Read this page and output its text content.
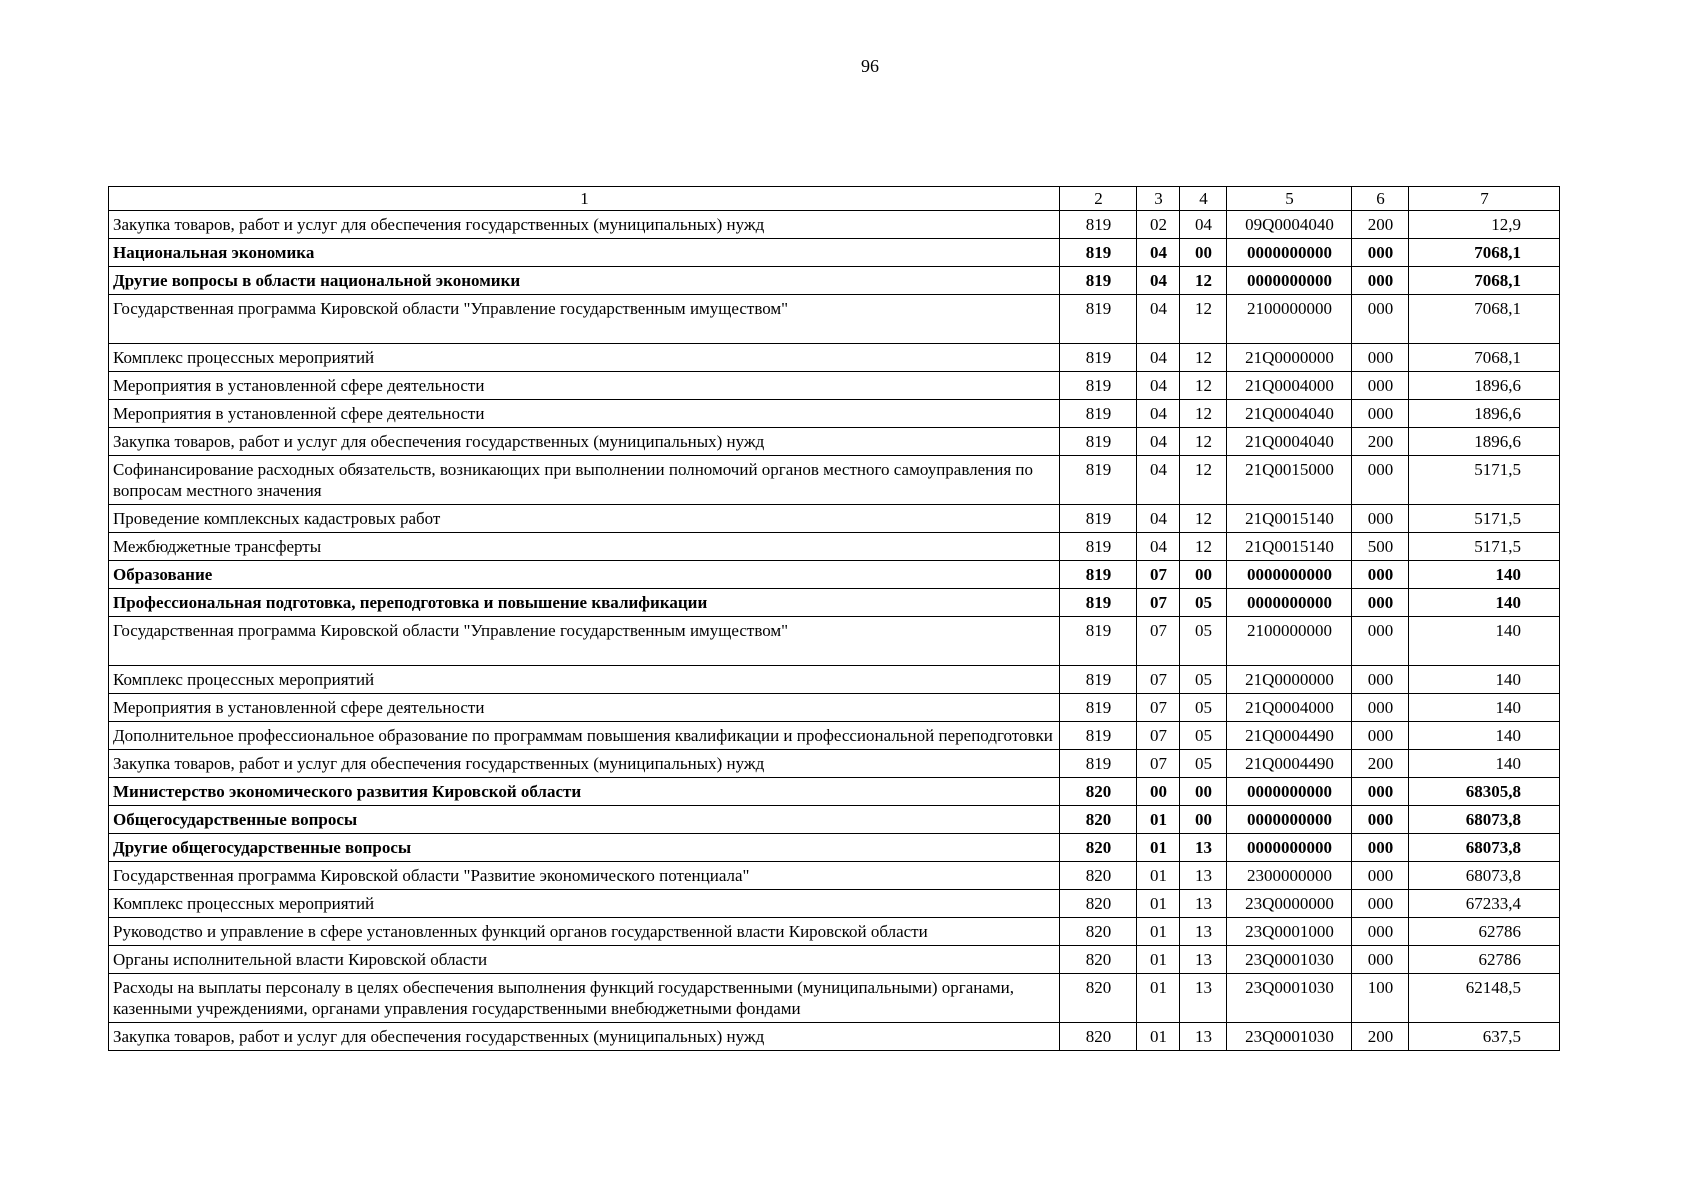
96
1	2	3	4	5	6	7
Закупка товаров, работ и услуг для обеспечения государственных (муниципальных) нужд	819	02	04	09Q0004040	200	12,9
Национальная экономика	819	04	00	0000000000	000	7068,1
Другие вопросы в области национальной экономики	819	04	12	0000000000	000	7068,1
Государственная программа Кировской области "Управление государственным имуществом"	819	04	12	2100000000	000	7068,1
Комплекс процессных мероприятий	819	04	12	21Q0000000	000	7068,1
Мероприятия в установленной сфере деятельности	819	04	12	21Q0004000	000	1896,6
Мероприятия в установленной сфере деятельности	819	04	12	21Q0004040	000	1896,6
Закупка товаров, работ и услуг для обеспечения государственных (муниципальных) нужд	819	04	12	21Q0004040	200	1896,6
Софинансирование расходных обязательств, возникающих при выполнении полномочий органов местного самоуправления по вопросам местного значения	819	04	12	21Q0015000	000	5171,5
Проведение комплексных кадастровых работ	819	04	12	21Q0015140	000	5171,5
Межбюджетные трансферты	819	04	12	21Q0015140	500	5171,5
Образование	819	07	00	0000000000	000	140
Профессиональная подготовка, переподготовка и повышение квалификации	819	07	05	0000000000	000	140
Государственная программа Кировской области "Управление государственным имуществом"	819	07	05	2100000000	000	140
Комплекс процессных мероприятий	819	07	05	21Q0000000	000	140
Мероприятия в установленной сфере деятельности	819	07	05	21Q0004000	000	140
Дополнительное профессиональное образование по программам повышения квалификации и профессиональной переподготовки	819	07	05	21Q0004490	000	140
Закупка товаров, работ и услуг для обеспечения государственных (муниципальных) нужд	819	07	05	21Q0004490	200	140
Министерство экономического развития Кировской области	820	00	00	0000000000	000	68305,8
Общегосударственные вопросы	820	01	00	0000000000	000	68073,8
Другие общегосударственные вопросы	820	01	13	0000000000	000	68073,8
Государственная программа Кировской области "Развитие экономического потенциала"	820	01	13	2300000000	000	68073,8
Комплекс процессных мероприятий	820	01	13	23Q0000000	000	67233,4
Руководство и управление в сфере установленных функций органов государственной власти Кировской области	820	01	13	23Q0001000	000	62786
Органы исполнительной власти Кировской области	820	01	13	23Q0001030	000	62786
Расходы на выплаты персоналу в целях обеспечения выполнения функций государственными (муниципальными) органами, казенными учреждениями, органами управления государственными внебюджетными фондами	820	01	13	23Q0001030	100	62148,5
Закупка товаров, работ и услуг для обеспечения государственных (муниципальных) нужд	820	01	13	23Q0001030	200	637,5
